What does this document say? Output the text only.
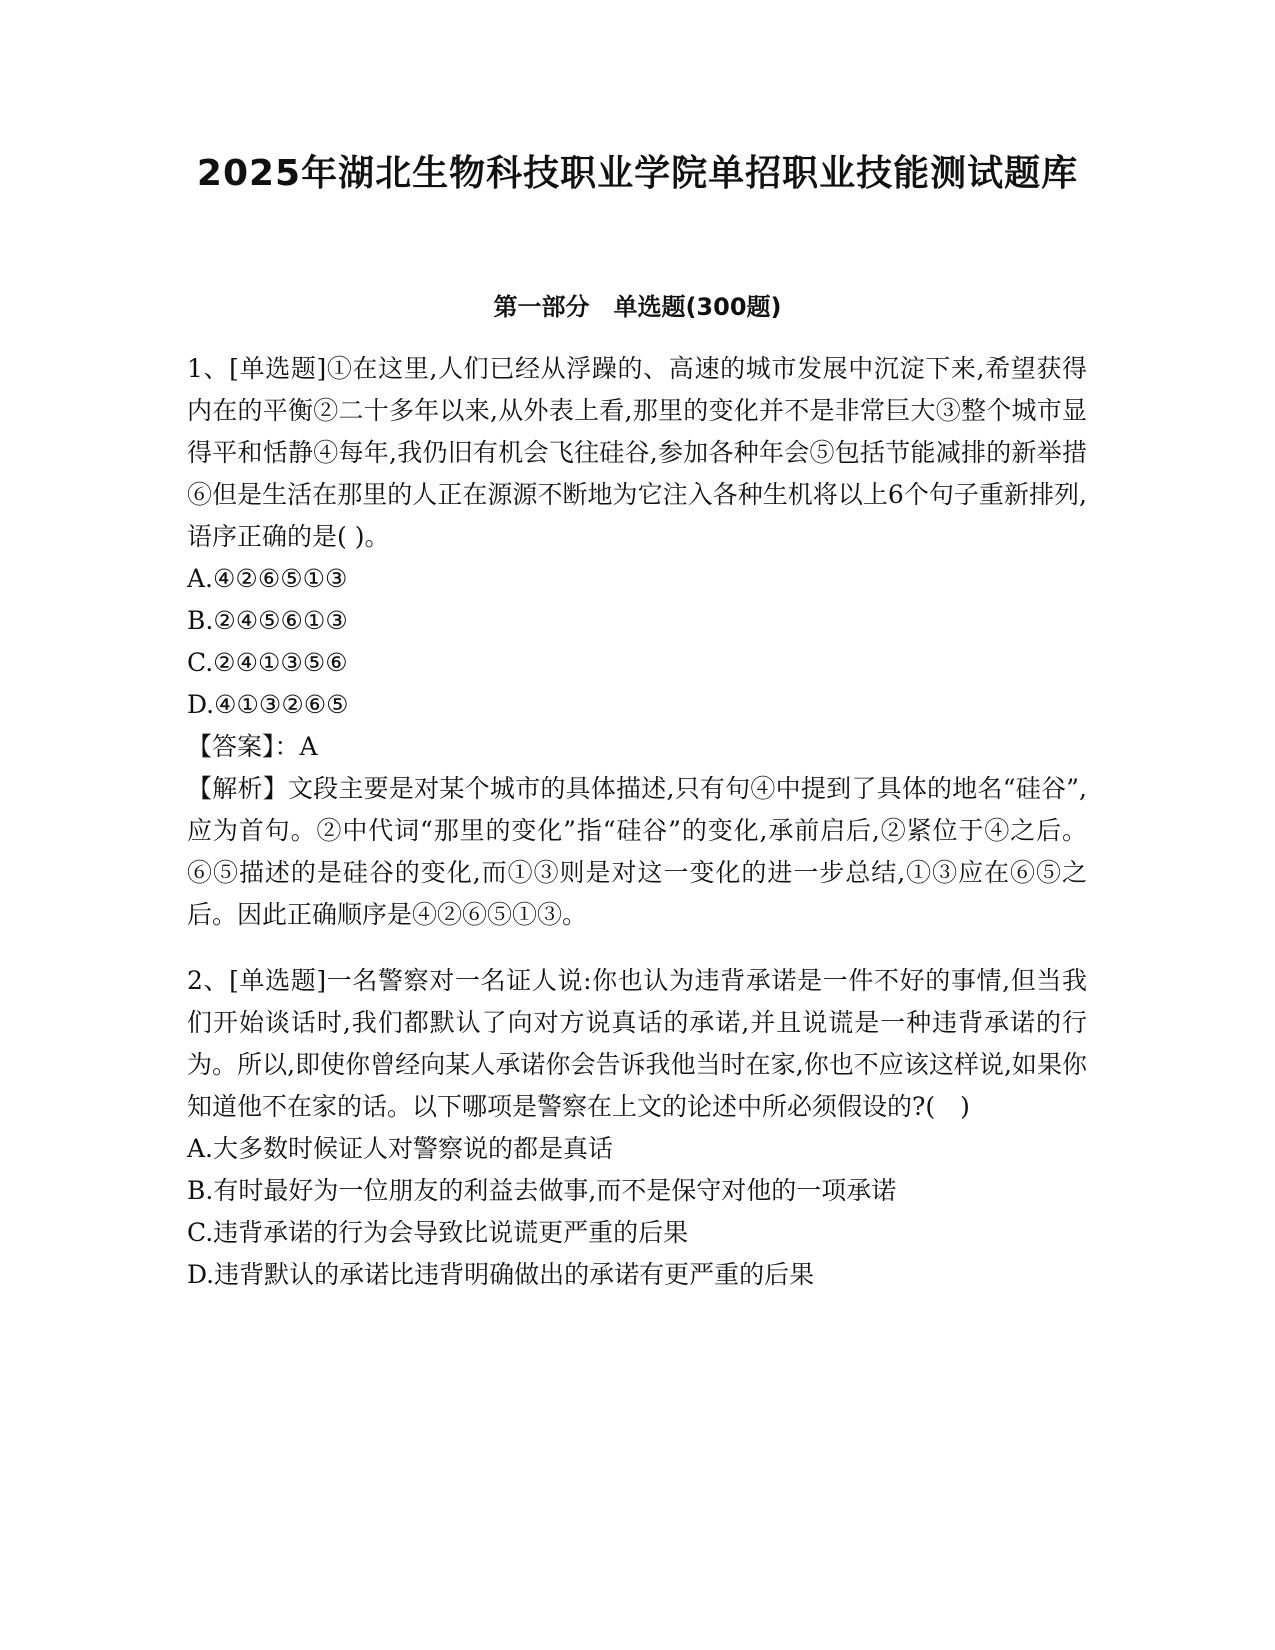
2025年湖北生物科技职业学院单招职业技能测试题库
第一部分　单选题(300题)

1、[单选题]①在这里,人们已经从浮躁的、高速的城市发展中沉淀下来,希望获得内在的平衡②二十多年以来,从外表上看,那里的变化并不是非常巨大③整个城市显得平和恬静④每年,我仍旧有机会飞往硅谷,参加各种年会⑤包括节能减排的新举措⑥但是生活在那里的人正在源源不断地为它注入各种生机将以上6个句子重新排列,语序正确的是( )。

A.④②⑥⑤①③

B.②④⑤⑥①③

C.②④①③⑤⑥

D.④①③②⑥⑤

【答案】：A

【解析】文段主要是对某个城市的具体描述,只有句④中提到了具体的地名“硅谷”,应为首句。②中代词“那里的变化”指“硅谷”的变化,承前启后,②紧位于④之后。⑥⑤描述的是硅谷的变化,而①③则是对这一变化的进一步总结,①③应在⑥⑤之后。因此正确顺序是④②⑥⑤①③。

2、[单选题]一名警察对一名证人说:你也认为违背承诺是一件不好的事情,但当我们开始谈话时,我们都默认了向对方说真话的承诺,并且说谎是一种违背承诺的行为。所以,即使你曾经向某人承诺你会告诉我他当时在家,你也不应该这样说,如果你知道他不在家的话。以下哪项是警察在上文的论述中所必须假设的?(　)

A.大多数时候证人对警察说的都是真话

B.有时最好为一位朋友的利益去做事,而不是保守对他的一项承诺

C.违背承诺的行为会导致比说谎更严重的后果

D.违背默认的承诺比违背明确做出的承诺有更严重的后果
